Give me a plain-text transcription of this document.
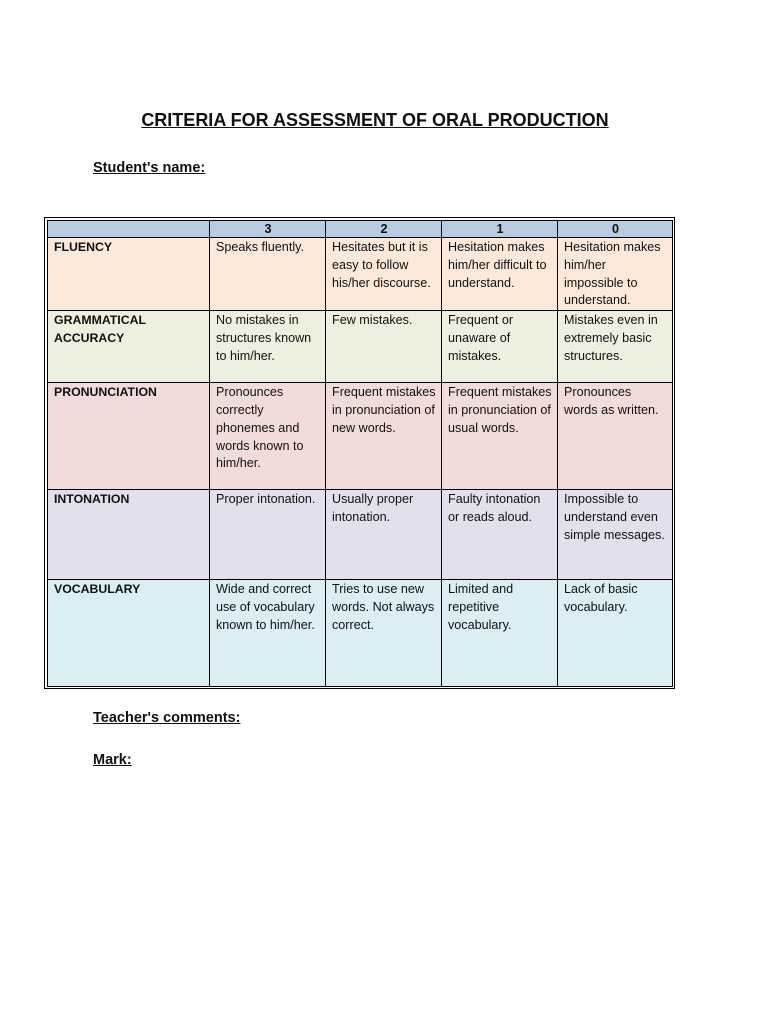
CRITERIA FOR ASSESSMENT OF ORAL PRODUCTION
Student's name:
	3	2	1	0
FLUENCY	Speaks fluently.	Hesitates but it is easy to follow his/her discourse.	Hesitation makes him/her difficult to understand.	Hesitation makes him/her impossible to understand.
GRAMMATICAL ACCURACY	No mistakes in structures known to him/her.	Few mistakes.	Frequent or unaware of mistakes.	Mistakes even in extremely basic structures.
PRONUNCIATION	Pronounces correctly phonemes and words known to him/her.	Frequent mistakes in pronunciation of new words.	Frequent mistakes in pronunciation of usual words.	Pronounces words as written.
INTONATION	Proper intonation.	Usually proper intonation.	Faulty intonation or reads aloud.	Impossible to understand even simple messages.
VOCABULARY	Wide and correct use of vocabulary known to him/her.	Tries to use new words. Not always correct.	Limited and repetitive vocabulary.	Lack of basic vocabulary.
Teacher's comments:
Mark:
